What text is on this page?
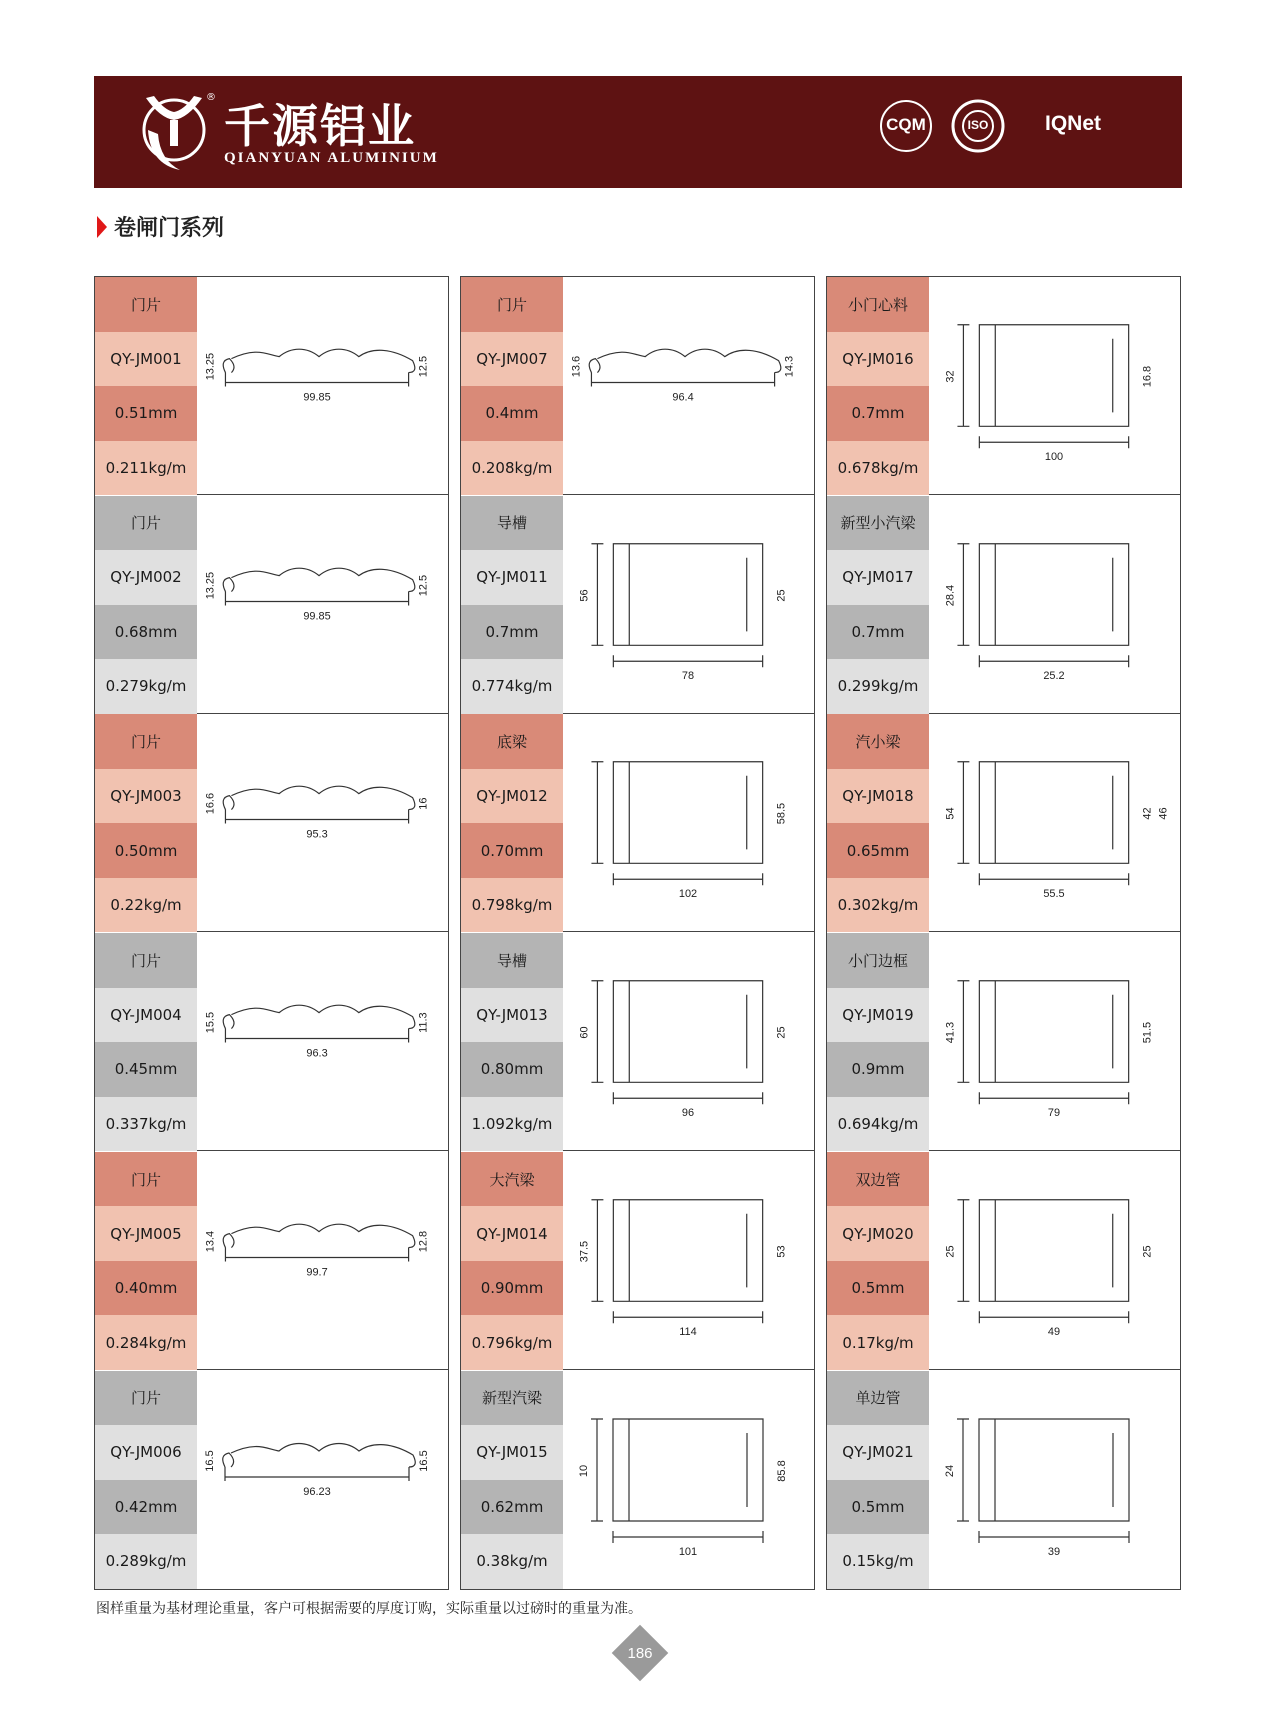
®
千源铝业
QIANYUAN ALUMINIUM
CQM	ISO	IQNet
卷闸门系列
门片
QY-JM001
0.51mm
0.211kg/m
99.85
13.25	12.5
门片
QY-JM002
0.68mm
0.279kg/m
99.85
13.25	12.5
门片
QY-JM003
0.50mm
0.22kg/m
95.3
16.6	16
门片
QY-JM004
0.45mm
0.337kg/m
96.3
15.5	11.3
门片
QY-JM005
0.40mm
0.284kg/m
99.7
13.4	12.8
门片
QY-JM006
0.42mm
0.289kg/m
96.23
16.5	16.5
门片
QY-JM007
0.4mm
0.208kg/m
96.4
13.6	14.3
导槽
QY-JM011
0.7mm
0.774kg/m
78
56	25
底梁
QY-JM012
0.70mm
0.798kg/m
102
58.5
导槽
QY-JM013
0.80mm
1.092kg/m
96
60	25
大汽梁
QY-JM014
0.90mm
0.796kg/m
114
37.5	53
新型汽梁
QY-JM015
0.62mm
0.38kg/m
101
10	85.8
小门心料
QY-JM016
0.7mm
0.678kg/m
100
32	16.8
新型小汽梁
QY-JM017
0.7mm
0.299kg/m
25.2
28.4
汽小梁
QY-JM018
0.65mm
0.302kg/m
55.5
54	42 46
小门边框
QY-JM019
0.9mm
0.694kg/m
79
41.3	51.5
双边管
QY-JM020
0.5mm
0.17kg/m
49
25	25
单边管
QY-JM021
0.5mm
0.15kg/m
39
24
图样重量为基材理论重量，客户可根据需要的厚度订购，实际重量以过磅时的重量为准。
186
